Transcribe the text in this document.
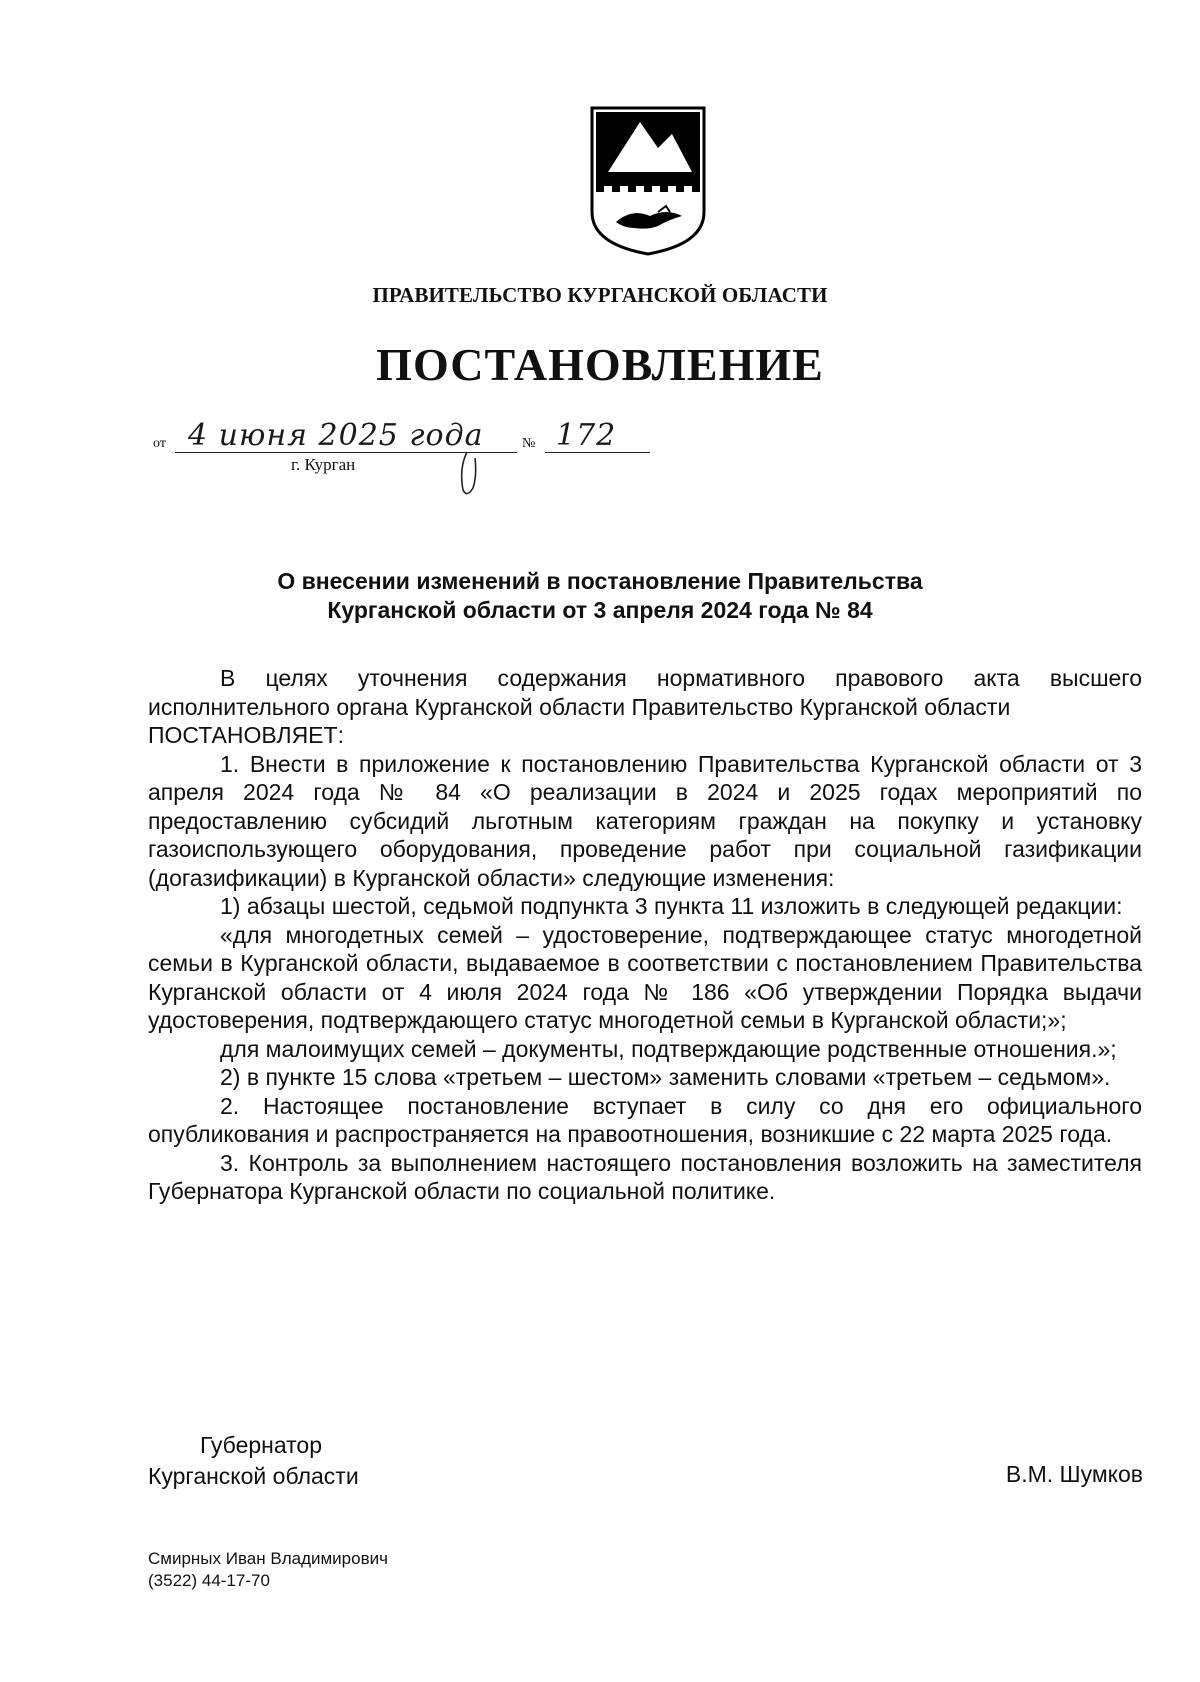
ПРАВИТЕЛЬСТВО КУРГАНСКОЙ ОБЛАСТИ
ПОСТАНОВЛЕНИЕ
от 4 июня 2025 года	№ 172
г. Курган
О внесении изменений в постановление Правительства
Курганской области от 3 апреля 2024 года № 84

В целях уточнения содержания нормативного правового акта высшего исполнительного органа Курганской области Правительство Курганской области

ПОСТАНОВЛЯЕТ:

1. Внести в приложение к постановлению Правительства Курганской области от 3 апреля 2024 года № 84 «О реализации в 2024 и 2025 годах мероприятий по предоставлению субсидий льготным категориям граждан на покупку и установку газоиспользующего оборудования, проведение работ при социальной газификации (догазификации) в Курганской области» следующие изменения:

1) абзацы шестой, седьмой подпункта 3 пункта 11 изложить в следующей редакции:

«для многодетных семей – удостоверение, подтверждающее статус многодетной семьи в Курганской области, выдаваемое в соответствии с постановлением Правительства Курганской области от 4 июля 2024 года № 186 «Об утверждении Порядка выдачи удостоверения, подтверждающего статус многодетной семьи в Курганской области;»;

для малоимущих семей – документы, подтверждающие родственные отношения.»;

2) в пункте 15 слова «третьем – шестом» заменить словами «третьем – седьмом».

2. Настоящее постановление вступает в силу со дня его официального опубликования и распространяется на правоотношения, возникшие с 22 марта 2025 года.

3. Контроль за выполнением настоящего постановления возложить на заместителя Губернатора Курганской области по социальной политике.

Губернатор
Курганской области	В.М. Шумков
Смирных Иван Владимирович
(3522) 44-17-70
